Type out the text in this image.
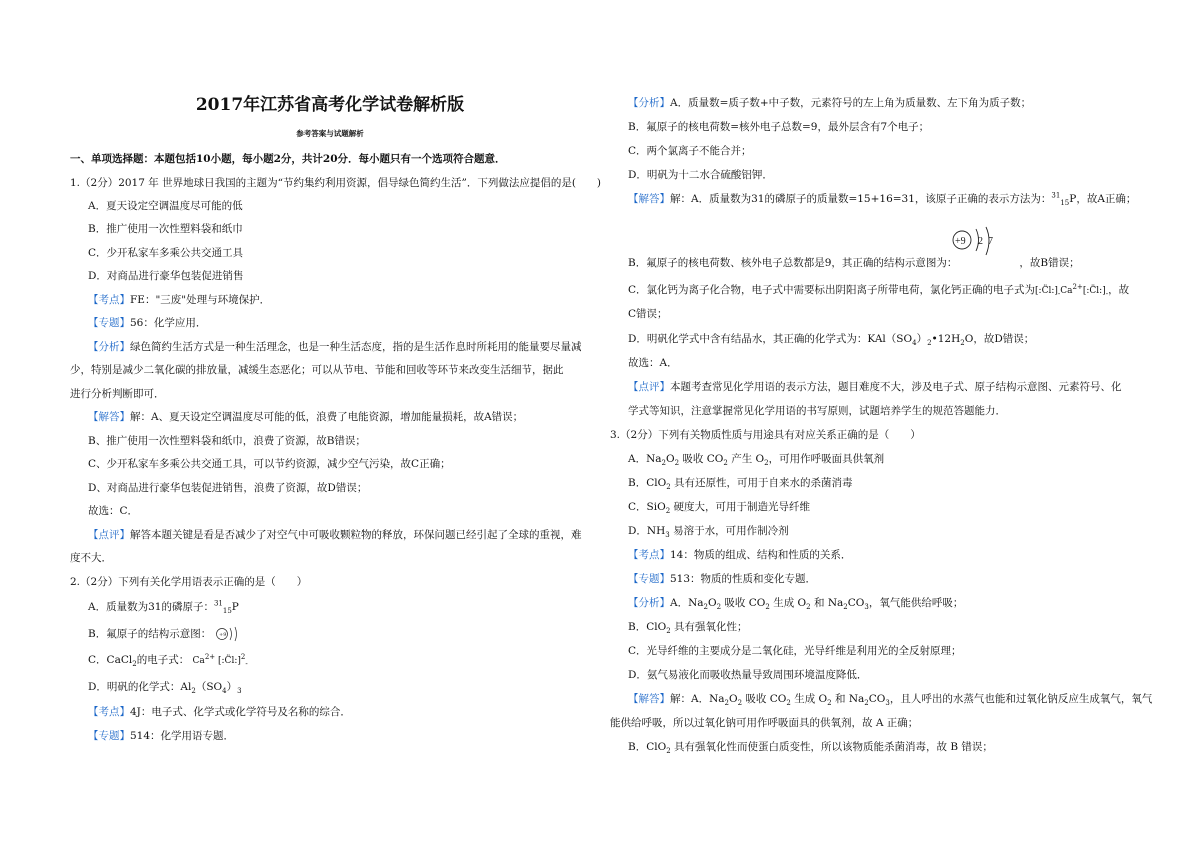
2017年江苏省高考化学试卷解析版
参考答案与试题解析
一、单项选择题：本题包括10小题，每小题2分，共计20分．每小题只有一个选项符合题意．
1.（2分）2017 年 世界地球日我国的主题为“节约集约利用资源，倡导绿色简约生活”．下列做法应提倡的是(　　)
A．夏天设定空调温度尽可能的低
B．推广使用一次性塑料袋和纸巾
C．少开私家车多乘公共交通工具
D．对商品进行豪华包装促进销售
【考点】FE："三废"处理与环境保护．
【专题】56：化学应用．
【分析】绿色简约生活方式是一种生活理念，也是一种生活态度，指的是生活作息时所耗用的能量要尽量减
少，特别是减少二氧化碳的排放量，减缓生态恶化；可以从节电、节能和回收等环节来改变生活细节，据此
进行分析判断即可．
【解答】解：A、夏天设定空调温度尽可能的低，浪费了电能资源，增加能量损耗，故A错误；
B、推广使用一次性塑料袋和纸巾，浪费了资源，故B错误；
C、少开私家车多乘公共交通工具，可以节约资源，减少空气污染，故C正确；
D、对商品进行豪华包装促进销售，浪费了资源，故D错误；
故选：C．
【点评】解答本题关键是看是否减少了对空气中可吸收颗粒物的释放，环保问题已经引起了全球的重视，难
度不大．
2.（2分）下列有关化学用语表示正确的是（　　）
A．质量数为31的磷原子：$^{31}_{15}$P
B．氟原子的结构示意图： +9
C．CaCl$_2$的电子式： $Ca^{2+}$ [:C̈l:]$^2_-$
D．明矾的化学式：$Al_2(SO_4)_3$
【考点】4J：电子式、化学式或化学符号及名称的综合．
【专题】514：化学用语专题．
【分析】A．质量数=质子数+中子数，元素符号的左上角为质量数、左下角为质子数；
B．氟原子的核电荷数=核外电子总数=9，最外层含有7个电子；
C．两个氯离子不能合并；
D．明矾为十二水合硫酸铝钾．
【解答】解：A．质量数为31的磷原子的质量数=15+16=31，该原子正确的表示方法为：$^{31}_{15}$P，故A正确；
+9 2 7
B．氟原子的核电荷数、核外电子总数都是9，其正确的结构示意图为：	，故B错误；
C．氯化钙为离子化合物，电子式中需要标出阴阳离子所带电荷，氯化钙正确的电子式为$[:C̈l:]_-Ca^{2+}[:C̈l:]_-$，故
C错误；
D．明矾化学式中含有结晶水，其正确的化学式为：$KAl(SO_4)_2•12H_2O$，故D错误；
故选：A．
【点评】本题考查常见化学用语的表示方法，题目难度不大，涉及电子式、原子结构示意图、元素符号、化
学式等知识，注意掌握常见化学用语的书写原则，试题培养学生的规范答题能力．
3.（2分）下列有关物质性质与用途具有对应关系正确的是（　　）
A．$Na_2O_2$ 吸收 $CO_2$ 产生 $O_2$，可用作呼吸面具供氧剂
B．ClO$_2$ 具有还原性，可用于自来水的杀菌消毒
C．SiO$_2$ 硬度大，可用于制造光导纤维
D．$NH_3$ 易溶于水，可用作制冷剂
【考点】14：物质的组成、结构和性质的关系．
【专题】513：物质的性质和变化专题．
【分析】A．$Na_2O_2$ 吸收 $CO_2$ 生成 $O_2$ 和 $Na_2CO_3$，氧气能供给呼吸；
B．ClO$_2$ 具有强氧化性；
C．光导纤维的主要成分是二氧化硅，光导纤维是利用光的全反射原理；
D．氨气易液化而吸收热量导致周围环境温度降低．
【解答】解：A．$Na_2O_2$ 吸收 $CO_2$ 生成 $O_2$ 和 $Na_2CO_3$，且人呼出的水蒸气也能和过氧化钠反应生成氧气，氧气
能供给呼吸，所以过氧化钠可用作呼吸面具的供氧剂，故 A 正确；
B．ClO$_2$ 具有强氧化性而使蛋白质变性，所以该物质能杀菌消毒，故 B 错误；
